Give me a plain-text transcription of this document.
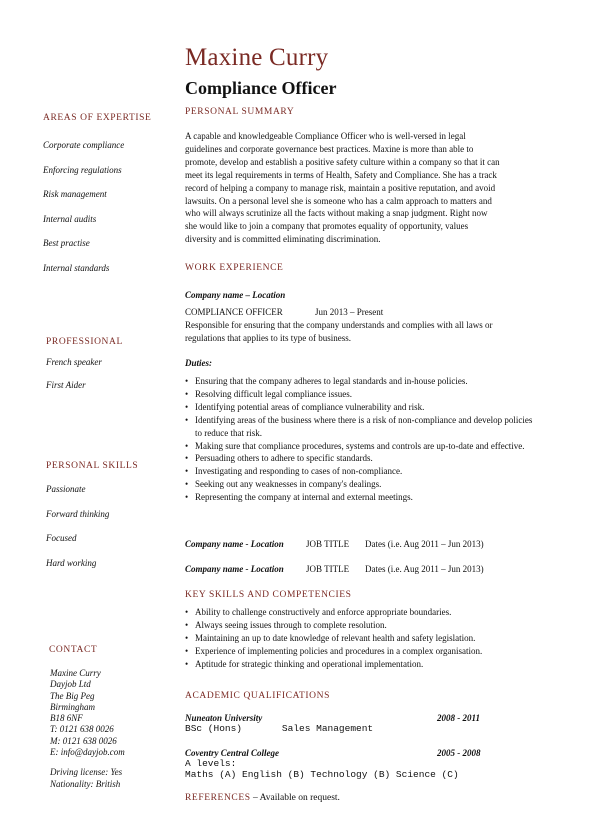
Maxine Curry
Compliance Officer
AREAS OF EXPERTISE
Corporate compliance
Enforcing regulations
Risk management
Internal audits
Best practise
Internal standards
PROFESSIONAL
French speaker
First Aider
PERSONAL SKILLS
Passionate
Forward thinking
Focused
Hard working
CONTACT
Maxine Curry
Dayjob Ltd
The Big Peg
Birmingham
B18 6NF
T: 0121 638 0026
M: 0121 638 0026
E: info@dayjob.com
Driving license: Yes
Nationality: British
PERSONAL SUMMARY
A capable and knowledgeable Compliance Officer who is well-versed in legal
guidelines and corporate governance best practices. Maxine is more than able to
promote, develop and establish a positive safety culture within a company so that it can
meet its legal requirements in terms of Health, Safety and Compliance. She has a track
record of helping a company to manage risk, maintain a positive reputation, and avoid
lawsuits. On a personal level she is someone who has a calm approach to matters and
who will always scrutinize all the facts without making a snap judgment. Right now
she would like to join a company that promotes equality of opportunity, values
diversity and is committed eliminating discrimination.
WORK EXPERIENCE
Company name – Location
COMPLIANCE OFFICER	Jun 2013 – Present
Responsible for ensuring that the company understands and complies with all laws or
regulations that applies to its type of business.
Duties:
• Ensuring that the company adheres to legal standards and in-house policies.
• Resolving difficult legal compliance issues.
• Identifying potential areas of compliance vulnerability and risk.
• Identifying areas of the business where there is a risk of non-compliance and develop policies to reduce that risk.
• Making sure that compliance procedures, systems and controls are up-to-date and effective.
• Persuading others to adhere to specific standards.
• Investigating and responding to cases of non-compliance.
• Seeking out any weaknesses in company's dealings.
• Representing the company at internal and external meetings.
Company name - Location JOB TITLE Dates (i.e. Aug 2011 – Jun 2013)
Company name - Location JOB TITLE Dates (i.e. Aug 2011 – Jun 2013)
KEY SKILLS AND COMPETENCIES
• Ability to challenge constructively and enforce appropriate boundaries.
• Always seeing issues through to complete resolution.
• Maintaining an up to date knowledge of relevant health and safety legislation.
• Experience of implementing policies and procedures in a complex organisation.
• Aptitude for strategic thinking and operational implementation.
ACADEMIC QUALIFICATIONS
Nuneaton University
BSc (Hons)       Sales Management
2008 - 2011
Coventry Central College
A levels:
Maths (A) English (B) Technology (B) Science (C)
2005 - 2008
REFERENCES – Available on request.
